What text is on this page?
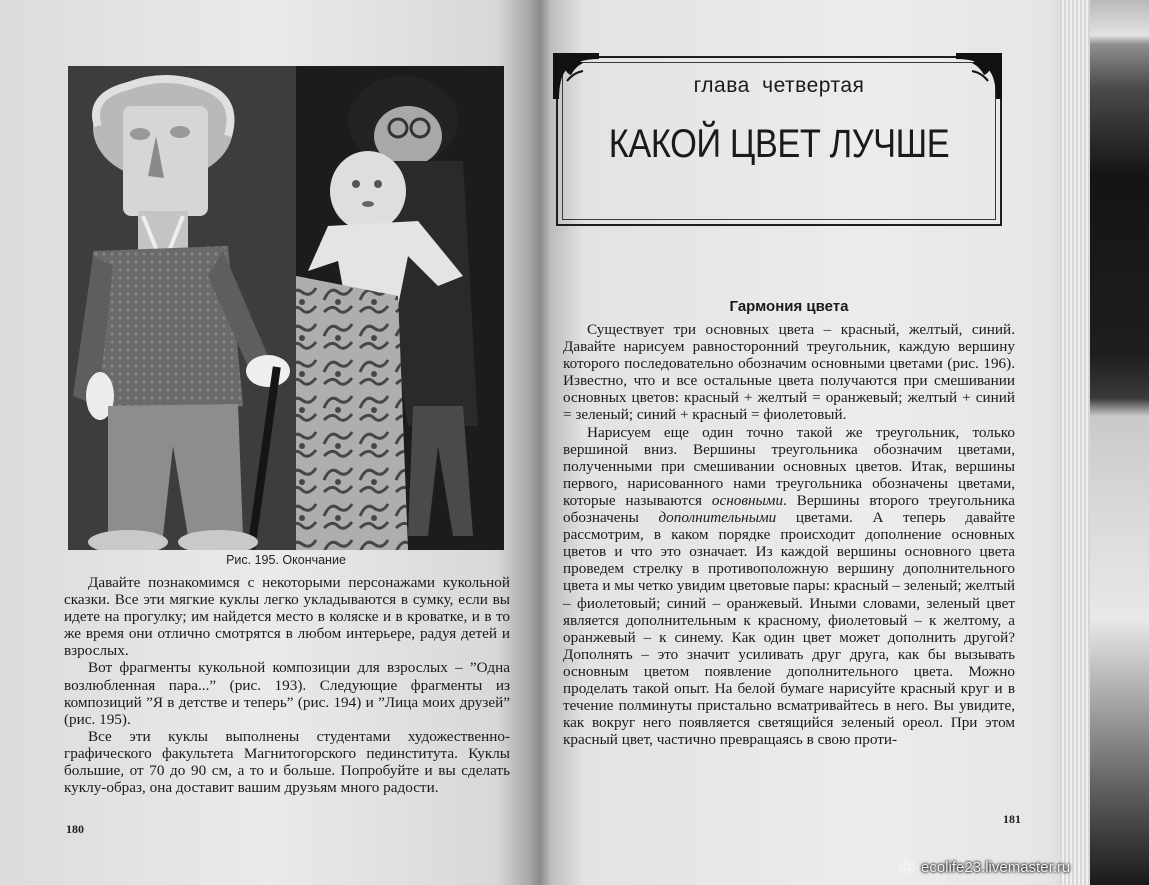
Рис. 195. Окончание

Давайте познакомимся с некоторыми персонажами кукольной сказки. Все эти мягкие куклы легко укладываются в сумку, если вы идете на прогулку; им найдется место в коляске и в кроватке, и в то же время они отлично смотрятся в любом интерьере, радуя детей и взрослых.

Вот фрагменты кукольной композиции для взрослых – ”Одна возлюбленная пара...” (рис. 193). Следующие фрагменты из композиций ”Я в детстве и теперь” (рис. 194) и ”Лица моих друзей” (рис. 195).

Все эти куклы выполнены студентами художественно-графического факультета Магнитогорского пединститута. Куклы большие, от 70 до 90 см, а то и больше. Попробуйте и вы сделать куклу-образ, она доставит вашим друзьям много радости.

180
глава четвертая
КАКОЙ ЦВЕТ ЛУЧШЕ
Гармония цвета

Существует три основных цвета – красный, желтый, синий. Давайте нарисуем равносторонний треугольник, каждую вершину которого последовательно обозначим основными цветами (рис. 196). Известно, что и все остальные цвета получаются при смешивании основных цветов: красный + желтый = оранжевый; желтый + синий = зеленый; синий + красный = фиолетовый.

Нарисуем еще один точно такой же треугольник, только вершиной вниз. Вершины треугольника обозначим цветами, полученными при смешивании основных цветов. Итак, вершины первого, нарисованного нами треугольника обозначены цветами, которые называются основными. Вершины второго треугольника обозначены дополнительными цветами. А теперь давайте рассмотрим, в каком порядке происходит дополнение основных цветов и что это означает. Из каждой вершины основного цвета проведем стрелку в противоположную вершину дополнительного цвета и мы четко увидим цветовые пары: красный – зеленый; желтый – фиолетовый; синий – оранжевый. Иными словами, зеленый цвет является дополнительным к красному, фиолетовый – к желтому, а оранжевый – к синему. Как один цвет может дополнить другой? Дополнять – это значит усиливать друг друга, как бы вызывать основным цветом появление дополнительного цвета. Можно проделать такой опыт. На белой бумаге нарисуйте красный круг и в течение полминуты пристально всматривайтесь в него. Вы увидите, как вокруг него появляется светящийся зеленый ореол. При этом красный цвет, частично превращаясь в свою проти-

181
ecolife23.livemaster.ru
